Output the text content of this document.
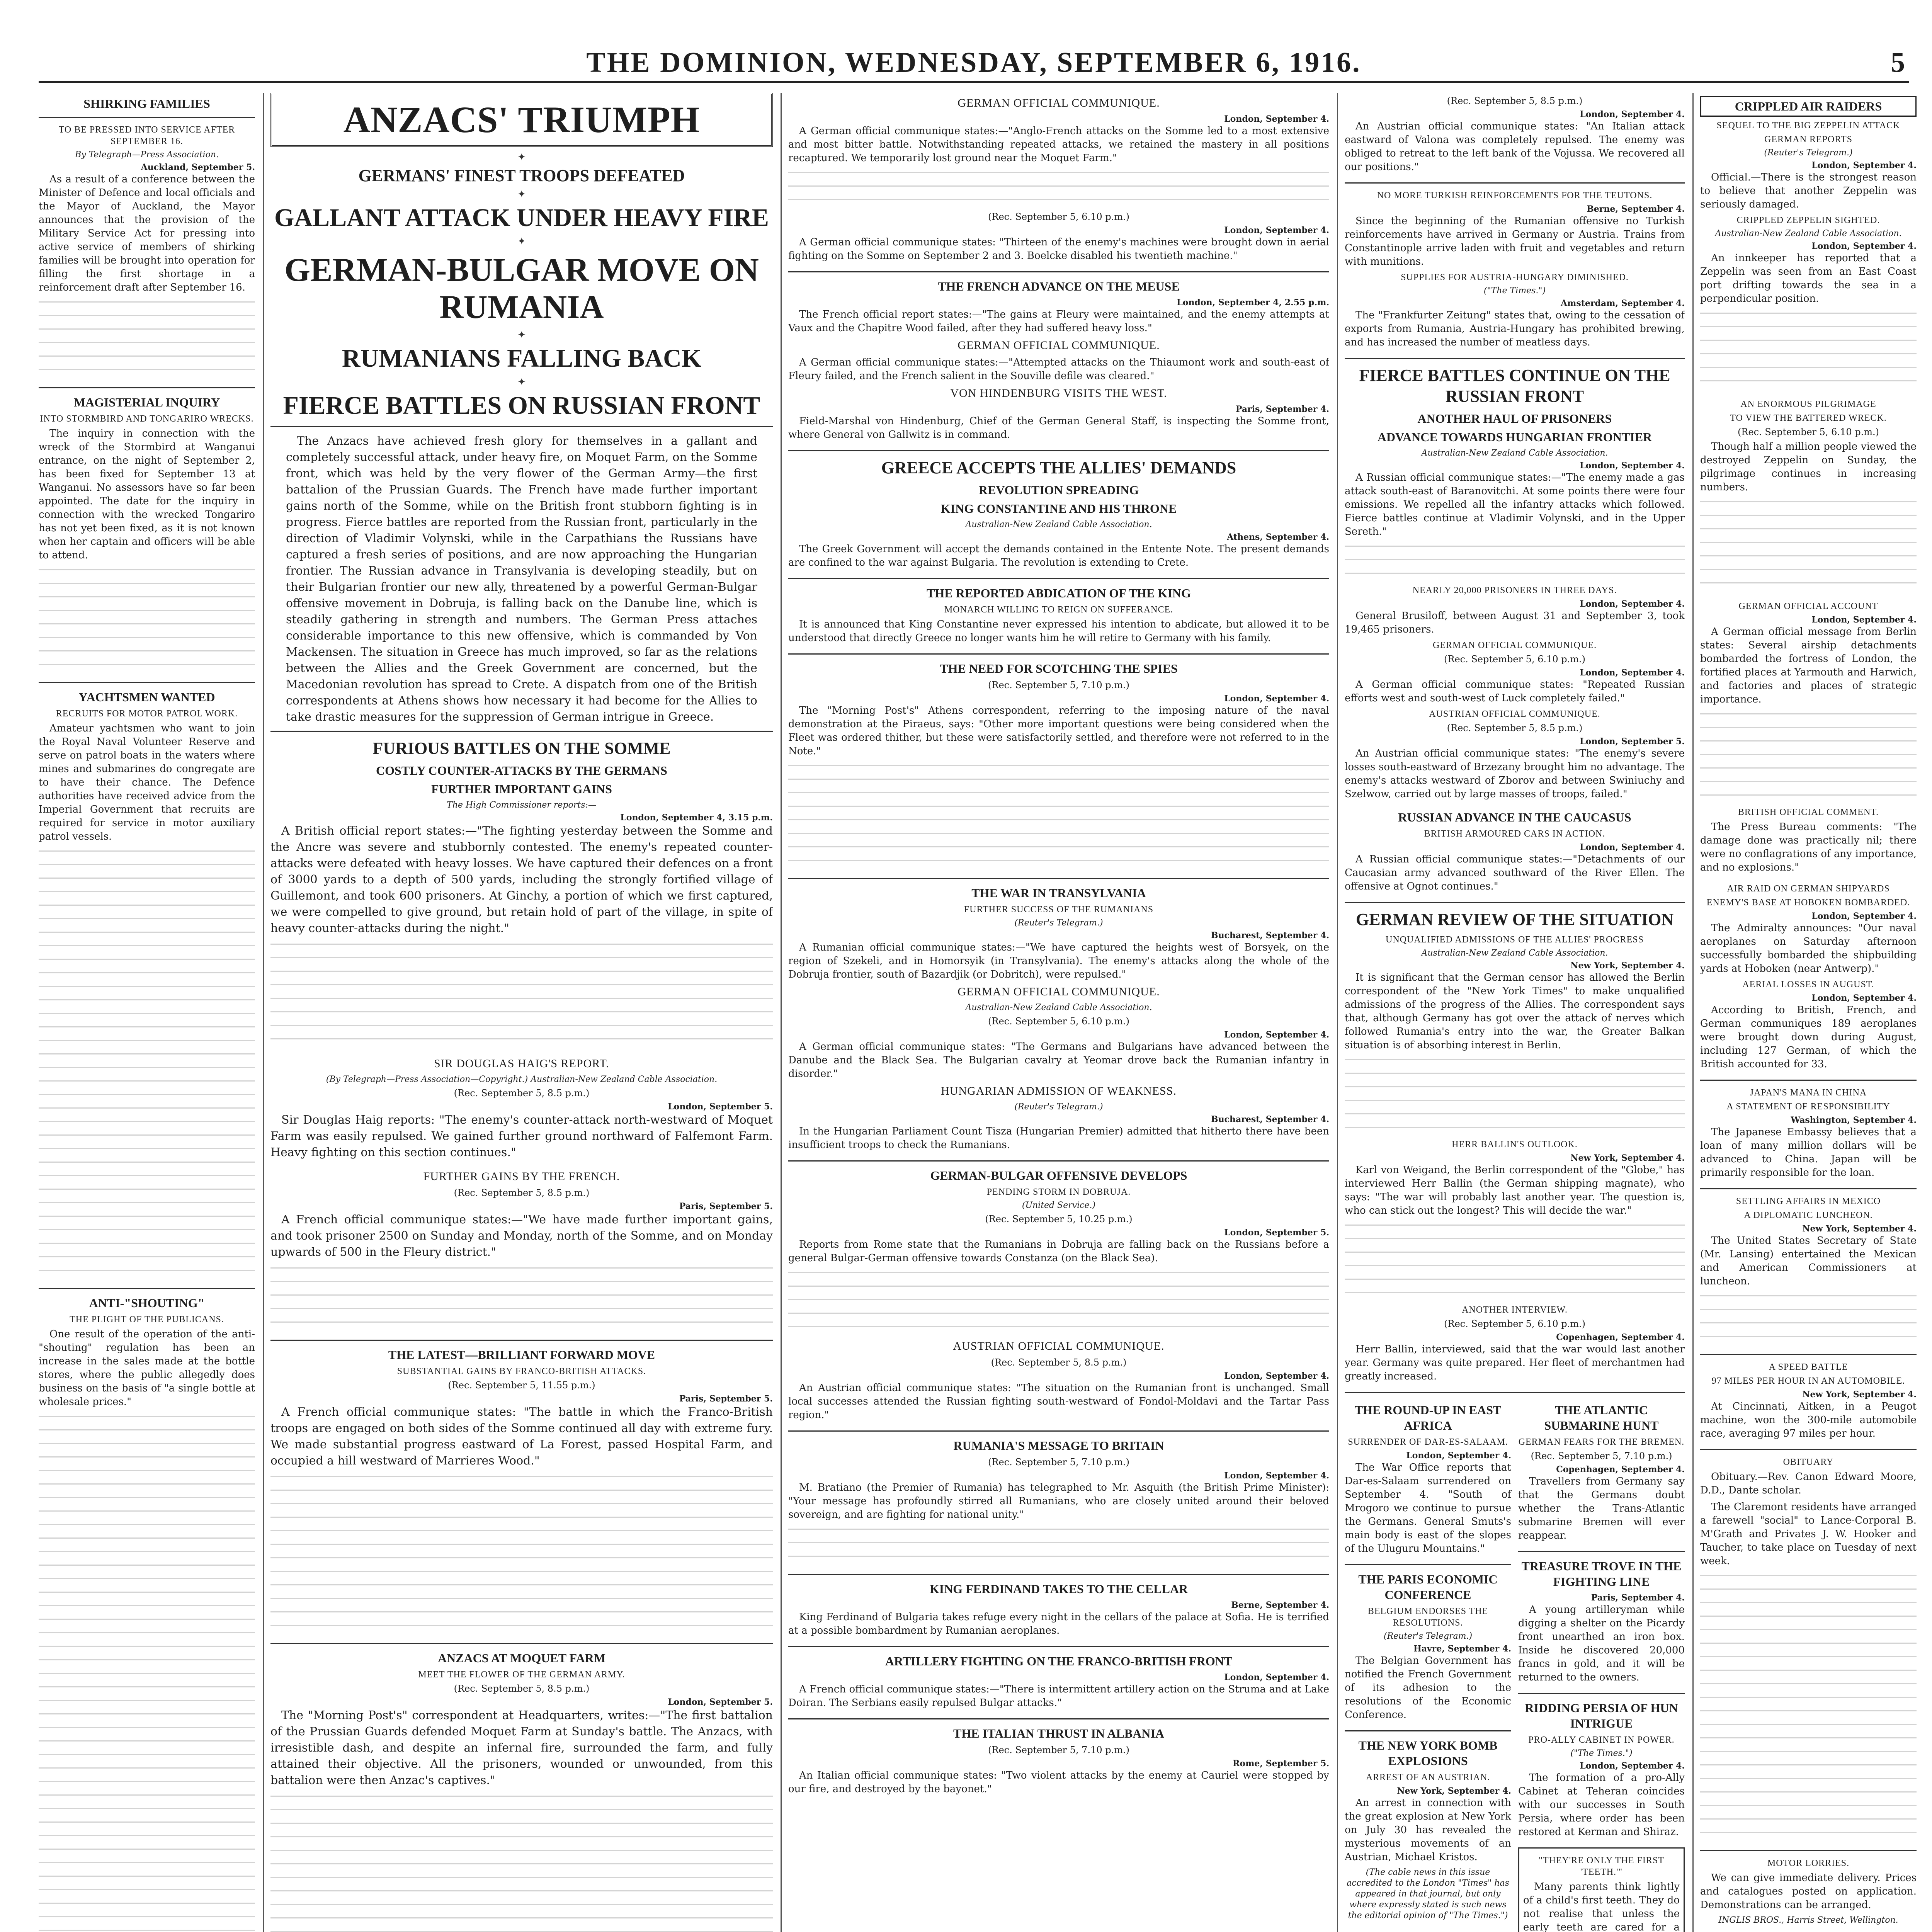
THE DOMINION, WEDNESDAY, SEPTEMBER 6, 1916.	5
SHIRKING FAMILIES
TO BE PRESSED INTO SERVICE AFTER SEPTEMBER 16.
By Telegraph—Press Association.
Auckland, September 5.

As a result of a conference between the Minister of Defence and local officials and the Mayor of Auckland, the Mayor announces that the provision of the Military Service Act for pressing into active service of members of shirking families will be brought into operation for filling the first shortage in a reinforcement draft after September 16.

MAGISTERIAL INQUIRY
INTO STORMBIRD AND TONGARIRO WRECKS.

The inquiry in connection with the wreck of the Stormbird at Wanganui entrance, on the night of September 2, has been fixed for September 13 at Wanganui. No assessors have so far been appointed. The date for the inquiry in connection with the wrecked Tongariro has not yet been fixed, as it is not known when her captain and officers will be able to attend.

YACHTSMEN WANTED
RECRUITS FOR MOTOR PATROL WORK.

Amateur yachtsmen who want to join the Royal Naval Volunteer Reserve and serve on patrol boats in the waters where mines and submarines do congregate are to have their chance. The Defence authorities have received advice from the Imperial Government that recruits are required for service in motor auxiliary patrol vessels.

ANTI-"SHOUTING"
THE PLIGHT OF THE PUBLICANS.

One result of the operation of the anti-"shouting" regulation has been an increase in the sales made at the bottle stores, where the public allegedly does business on the basis of "a single bottle at wholesale prices."

ANZACS' TRIUMPH
✦
GERMANS' FINEST TROOPS DEFEATED
✦
GALLANT ATTACK UNDER HEAVY FIRE
✦
GERMAN-BULGAR MOVE ON RUMANIA
✦
RUMANIANS FALLING BACK
✦
FIERCE BATTLES ON RUSSIAN FRONT

The Anzacs have achieved fresh glory for themselves in a gallant and completely successful attack, under heavy fire, on Moquet Farm, on the Somme front, which was held by the very flower of the German Army—the first battalion of the Prussian Guards. The French have made further important gains north of the Somme, while on the British front stubborn fighting is in progress. Fierce battles are reported from the Russian front, particularly in the direction of Vladimir Volynski, while in the Carpathians the Russians have captured a fresh series of positions, and are now approaching the Hungarian frontier. The Russian advance in Transylvania is developing steadily, but on their Bulgarian frontier our new ally, threatened by a powerful German-Bulgar offensive movement in Dobruja, is falling back on the Danube line, which is steadily gathering in strength and numbers. The German Press attaches considerable importance to this new offensive, which is commanded by Von Mackensen. The situation in Greece has much improved, so far as the relations between the Allies and the Greek Government are concerned, but the Macedonian revolution has spread to Crete. A dispatch from one of the British correspondents at Athens shows how necessary it had become for the Allies to take drastic measures for the suppression of German intrigue in Greece.

FURIOUS BATTLES ON THE SOMME
COSTLY COUNTER-ATTACKS BY THE GERMANS
FURTHER IMPORTANT GAINS
The High Commissioner reports:—
London, September 4, 3.15 p.m.

A British official report states:—"The fighting yesterday between the Somme and the Ancre was severe and stubbornly contested. The enemy's repeated counter-attacks were defeated with heavy losses. We have captured their defences on a front of 3000 yards to a depth of 500 yards, including the strongly fortified village of Guillemont, and took 600 prisoners. At Ginchy, a portion of which we first captured, we were compelled to give ground, but retain hold of part of the village, in spite of heavy counter-attacks during the night."

SIR DOUGLAS HAIG'S REPORT.
(By Telegraph—Press Association—Copyright.) Australian-New Zealand Cable Association.
(Rec. September 5, 8.5 p.m.)
London, September 5.

Sir Douglas Haig reports: "The enemy's counter-attack north-westward of Moquet Farm was easily repulsed. We gained further ground northward of Falfemont Farm. Heavy fighting on this section continues."

FURTHER GAINS BY THE FRENCH.
(Rec. September 5, 8.5 p.m.)
Paris, September 5.

A French official communique states:—"We have made further important gains, and took prisoner 2500 on Sunday and Monday, north of the Somme, and on Monday upwards of 500 in the Fleury district."

THE LATEST—BRILLIANT FORWARD MOVE
SUBSTANTIAL GAINS BY FRANCO-BRITISH ATTACKS.
(Rec. September 5, 11.55 p.m.)
Paris, September 5.

A French official communique states: "The battle in which the Franco-British troops are engaged on both sides of the Somme continued all day with extreme fury. We made substantial progress eastward of La Forest, passed Hospital Farm, and occupied a hill westward of Marrieres Wood."

ANZACS AT MOQUET FARM
MEET THE FLOWER OF THE GERMAN ARMY.
(Rec. September 5, 8.5 p.m.)
London, September 5.

The "Morning Post's" correspondent at Headquarters, writes:—"The first battalion of the Prussian Guards defended Moquet Farm at Sunday's battle. The Anzacs, with irresistible dash, and despite an infernal fire, surrounded the farm, and fully attained their objective. All the prisoners, wounded or unwounded, from this battalion were then Anzac's captives."

GERMAN OFFICIAL COMMUNIQUE.
London, September 4.

A German official communique states:—"Anglo-French attacks on the Somme led to a most extensive and most bitter battle. Notwithstanding repeated attacks, we retained the mastery in all positions recaptured. We temporarily lost ground near the Moquet Farm."

(Rec. September 5, 6.10 p.m.)
London, September 4.

A German official communique states: "Thirteen of the enemy's machines were brought down in aerial fighting on the Somme on September 2 and 3. Boelcke disabled his twentieth machine."

THE FRENCH ADVANCE ON THE MEUSE
London, September 4, 2.55 p.m.

The French official report states:—"The gains at Fleury were maintained, and the enemy attempts at Vaux and the Chapitre Wood failed, after they had suffered heavy loss."

GERMAN OFFICIAL COMMUNIQUE.

A German official communique states:—"Attempted attacks on the Thiaumont work and south-east of Fleury failed, and the French salient in the Souville defile was cleared."

VON HINDENBURG VISITS THE WEST.
Paris, September 4.

Field-Marshal von Hindenburg, Chief of the German General Staff, is inspecting the Somme front, where General von Gallwitz is in command.

GREECE ACCEPTS THE ALLIES' DEMANDS
REVOLUTION SPREADING
KING CONSTANTINE AND HIS THRONE
Australian-New Zealand Cable Association.
Athens, September 4.

The Greek Government will accept the demands contained in the Entente Note. The present demands are confined to the war against Bulgaria. The revolution is extending to Crete.

THE REPORTED ABDICATION OF THE KING
MONARCH WILLING TO REIGN ON SUFFERANCE.

It is announced that King Constantine never expressed his intention to abdicate, but allowed it to be understood that directly Greece no longer wants him he will retire to Germany with his family.

THE NEED FOR SCOTCHING THE SPIES
(Rec. September 5, 7.10 p.m.)
London, September 4.

The "Morning Post's" Athens correspondent, referring to the imposing nature of the naval demonstration at the Piraeus, says: "Other more important questions were being considered when the Fleet was ordered thither, but these were satisfactorily settled, and therefore were not referred to in the Note."

THE WAR IN TRANSYLVANIA
FURTHER SUCCESS OF THE RUMANIANS
(Reuter's Telegram.)
Bucharest, September 4.

A Rumanian official communique states:—"We have captured the heights west of Borsyek, on the region of Szekeli, and in Homorsyik (in Transylvania). The enemy's attacks along the whole of the Dobruja frontier, south of Bazardjik (or Dobritch), were repulsed."

GERMAN OFFICIAL COMMUNIQUE.
Australian-New Zealand Cable Association.
(Rec. September 5, 6.10 p.m.)
London, September 4.

A German official communique states: "The Germans and Bulgarians have advanced between the Danube and the Black Sea. The Bulgarian cavalry at Yeomar drove back the Rumanian infantry in disorder."

HUNGARIAN ADMISSION OF WEAKNESS.
(Reuter's Telegram.)
Bucharest, September 4.

In the Hungarian Parliament Count Tisza (Hungarian Premier) admitted that hitherto there have been insufficient troops to check the Rumanians.

GERMAN-BULGAR OFFENSIVE DEVELOPS
PENDING STORM IN DOBRUJA.
(United Service.)
(Rec. September 5, 10.25 p.m.)
London, September 5.

Reports from Rome state that the Rumanians in Dobruja are falling back on the Russians before a general Bulgar-German offensive towards Constanza (on the Black Sea).

AUSTRIAN OFFICIAL COMMUNIQUE.
(Rec. September 5, 8.5 p.m.)
London, September 4.

An Austrian official communique states: "The situation on the Rumanian front is unchanged. Small local successes attended the Russian fighting south-westward of Fondol-Moldavi and the Tartar Pass region."

RUMANIA'S MESSAGE TO BRITAIN
(Rec. September 5, 7.10 p.m.)
London, September 4.

M. Bratiano (the Premier of Rumania) has telegraphed to Mr. Asquith (the British Prime Minister): "Your message has profoundly stirred all Rumanians, who are closely united around their beloved sovereign, and are fighting for national unity."

KING FERDINAND TAKES TO THE CELLAR
Berne, September 4.

King Ferdinand of Bulgaria takes refuge every night in the cellars of the palace at Sofia. He is terrified at a possible bombardment by Rumanian aeroplanes.

ARTILLERY FIGHTING ON THE FRANCO-BRITISH FRONT
London, September 4.

A French official communique states:—"There is intermittent artillery action on the Struma and at Lake Doiran. The Serbians easily repulsed Bulgar attacks."

THE ITALIAN THRUST IN ALBANIA
(Rec. September 5, 7.10 p.m.)
Rome, September 5.

An Italian official communique states: "Two violent attacks by the enemy at Cauriel were stopped by our fire, and destroyed by the bayonet."

(Rec. September 5, 8.5 p.m.)
London, September 4.

An Austrian official communique states: "An Italian attack eastward of Valona was completely repulsed. The enemy was obliged to retreat to the left bank of the Vojussa. We recovered all our positions."

NO MORE TURKISH REINFORCEMENTS FOR THE TEUTONS.
Berne, September 4.

Since the beginning of the Rumanian offensive no Turkish reinforcements have arrived in Germany or Austria. Trains from Constantinople arrive laden with fruit and vegetables and return with munitions.

SUPPLIES FOR AUSTRIA-HUNGARY DIMINISHED.
("The Times.")
Amsterdam, September 4.

The "Frankfurter Zeitung" states that, owing to the cessation of exports from Rumania, Austria-Hungary has prohibited brewing, and has increased the number of meatless days.

FIERCE BATTLES CONTINUE ON THE RUSSIAN FRONT
ANOTHER HAUL OF PRISONERS
ADVANCE TOWARDS HUNGARIAN FRONTIER
Australian-New Zealand Cable Association.
London, September 4.

A Russian official communique states:—"The enemy made a gas attack south-east of Baranovitchi. At some points there were four emissions. We repelled all the infantry attacks which followed. Fierce battles continue at Vladimir Volynski, and in the Upper Sereth."

NEARLY 20,000 PRISONERS IN THREE DAYS.
London, September 4.

General Brusiloff, between August 31 and September 3, took 19,465 prisoners.

GERMAN OFFICIAL COMMUNIQUE.
(Rec. September 5, 6.10 p.m.)
London, September 4.

A German official communique states: "Repeated Russian efforts west and south-west of Luck completely failed."

AUSTRIAN OFFICIAL COMMUNIQUE.
(Rec. September 5, 8.5 p.m.)
London, September 5.

An Austrian official communique states: "The enemy's severe losses south-eastward of Brzezany brought him no advantage. The enemy's attacks westward of Zborov and between Swiniuchy and Szelwow, carried out by large masses of troops, failed."

RUSSIAN ADVANCE IN THE CAUCASUS
BRITISH ARMOURED CARS IN ACTION.
London, September 4.

A Russian official communique states:—"Detachments of our Caucasian army advanced southward of the River Ellen. The offensive at Ognot continues."

GERMAN REVIEW OF THE SITUATION
UNQUALIFIED ADMISSIONS OF THE ALLIES' PROGRESS
Australian-New Zealand Cable Association.
New York, September 4.

It is significant that the German censor has allowed the Berlin correspondent of the "New York Times" to make unqualified admissions of the progress of the Allies. The correspondent says that, although Germany has got over the attack of nerves which followed Rumania's entry into the war, the Greater Balkan situation is of absorbing interest in Berlin.

HERR BALLIN'S OUTLOOK.
New York, September 4.

Karl von Weigand, the Berlin correspondent of the "Globe," has interviewed Herr Ballin (the German shipping magnate), who says: "The war will probably last another year. The question is, who can stick out the longest? This will decide the war."

ANOTHER INTERVIEW.
(Rec. September 5, 6.10 p.m.)
Copenhagen, September 4.

Herr Ballin, interviewed, said that the war would last another year. Germany was quite prepared. Her fleet of merchantmen had greatly increased.

THE ROUND-UP IN EAST AFRICA
SURRENDER OF DAR-ES-SALAAM.
London, September 4.

The War Office reports that Dar-es-Salaam surrendered on September 4. "South of Mrogoro we continue to pursue the Germans. General Smuts's main body is east of the slopes of the Uluguru Mountains."

THE PARIS ECONOMIC CONFERENCE
BELGIUM ENDORSES THE RESOLUTIONS.
(Reuter's Telegram.)
Havre, September 4.

The Belgian Government has notified the French Government of its adhesion to the resolutions of the Economic Conference.

THE NEW YORK BOMB EXPLOSIONS
ARREST OF AN AUSTRIAN.
New York, September 4.

An arrest in connection with the great explosion at New York on July 30 has revealed the mysterious movements of an Austrian, Michael Kristos.

(The cable news in this issue accredited to the London "Times" has appeared in that journal, but only where expressly stated is such news the editorial opinion of "The Times.")
THE ATLANTIC SUBMARINE HUNT
GERMAN FEARS FOR THE BREMEN.
(Rec. September 5, 7.10 p.m.)
Copenhagen, September 4.

Travellers from Germany say that the Germans doubt whether the Trans-Atlantic submarine Bremen will ever reappear.

TREASURE TROVE IN THE FIGHTING LINE
Paris, September 4.

A young artilleryman while digging a shelter on the Picardy front unearthed an iron box. Inside he discovered 20,000 francs in gold, and it will be returned to the owners.

RIDDING PERSIA OF HUN INTRIGUE
PRO-ALLY CABINET IN POWER.
("The Times.")
London, September 4.

The formation of a pro-Ally Cabinet at Teheran coincides with our successes in South Persia, where order has been restored at Kerman and Shiraz.

"THEY'RE ONLY THE FIRST 'TEETH.'"

Many parents think lightly of a child's first teeth. They do not realise that unless the early teeth are cared for a

CRIPPLED AIR RAIDERS
SEQUEL TO THE BIG ZEPPELIN ATTACK
GERMAN REPORTS
(Reuter's Telegram.)
London, September 4.

Official.—There is the strongest reason to believe that another Zeppelin was seriously damaged.

CRIPPLED ZEPPELIN SIGHTED.
Australian-New Zealand Cable Association.
London, September 4.

An innkeeper has reported that a Zeppelin was seen from an East Coast port drifting towards the sea in a perpendicular position.

AN ENORMOUS PILGRIMAGE
TO VIEW THE BATTERED WRECK.
(Rec. September 5, 6.10 p.m.)

Though half a million people viewed the destroyed Zeppelin on Sunday, the pilgrimage continues in increasing numbers.

GERMAN OFFICIAL ACCOUNT
London, September 4.

A German official message from Berlin states: Several airship detachments bombarded the fortress of London, the fortified places at Yarmouth and Harwich, and factories and places of strategic importance.

BRITISH OFFICIAL COMMENT.

The Press Bureau comments: "The damage done was practically nil; there were no conflagrations of any importance, and no explosions."

AIR RAID ON GERMAN SHIPYARDS
ENEMY'S BASE AT HOBOKEN BOMBARDED.
London, September 4.

The Admiralty announces: "Our naval aeroplanes on Saturday afternoon successfully bombarded the shipbuilding yards at Hoboken (near Antwerp)."

AERIAL LOSSES IN AUGUST.
London, September 4.

According to British, French, and German communiques 189 aeroplanes were brought down during August, including 127 German, of which the British accounted for 33.

JAPAN'S MANA IN CHINA
A STATEMENT OF RESPONSIBILITY
Washington, September 4.

The Japanese Embassy believes that a loan of many million dollars will be advanced to China. Japan will be primarily responsible for the loan.

SETTLING AFFAIRS IN MEXICO
A DIPLOMATIC LUNCHEON.
New York, September 4.

The United States Secretary of State (Mr. Lansing) entertained the Mexican and American Commissioners at luncheon.

A SPEED BATTLE
97 MILES PER HOUR IN AN AUTOMOBILE.
New York, September 4.

At Cincinnati, Aitken, in a Peugot machine, won the 300-mile automobile race, averaging 97 miles per hour.

OBITUARY

Obituary.—Rev. Canon Edward Moore, D.D., Dante scholar.

The Claremont residents have arranged a farewell "social" to Lance-Corporal B. M'Grath and Privates J. W. Hooker and Taucher, to take place on Tuesday of next week.

MOTOR LORRIES.

We can give immediate delivery. Prices and catalogues posted on application. Demonstrations can be arranged.

INGLIS BROS., Harris Street, Wellington.
